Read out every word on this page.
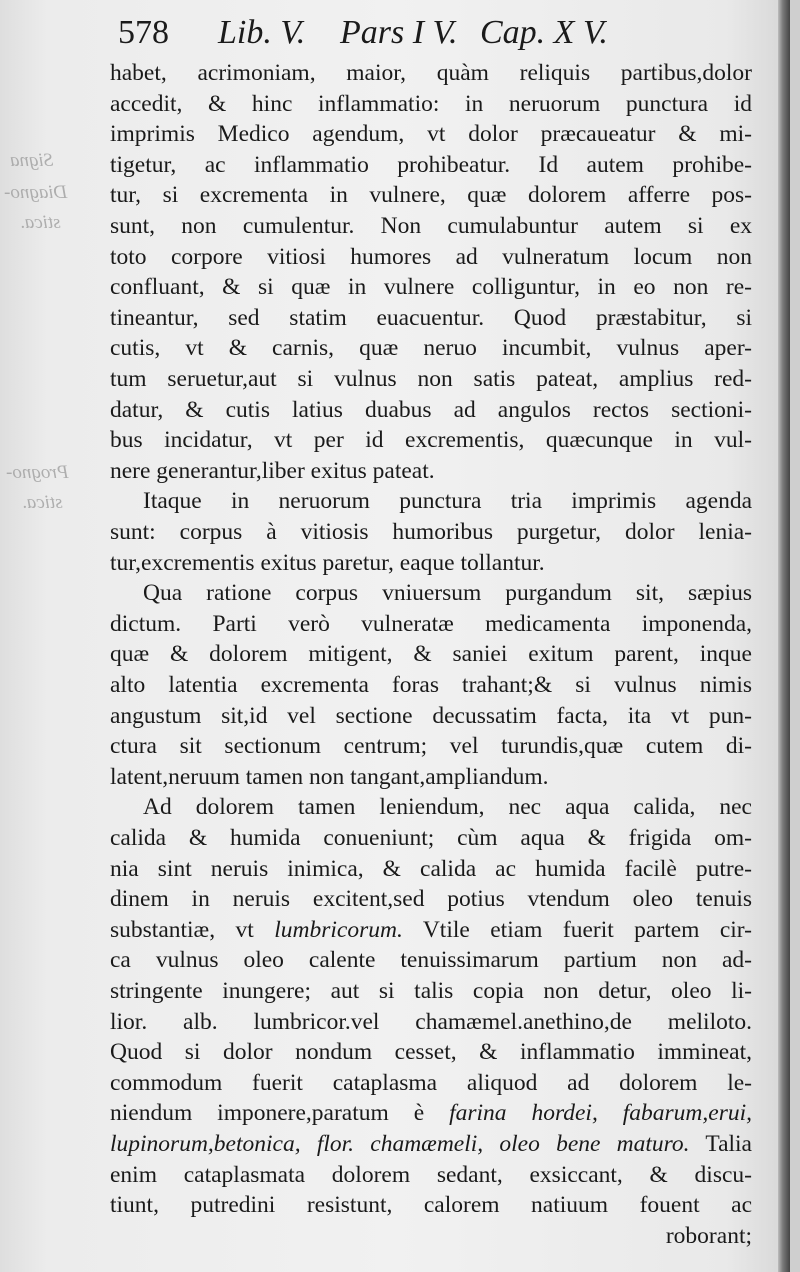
578 Lib. V. Pars I V. Cap. X V.
Signa
Diagno-
stica.
Progno-
stica.
habet, acrimoniam, maior, quàm reliquis partibus,dolor
accedit, & hinc inflammatio: in neruorum punctura id
imprimis Medico agendum, vt dolor præcaueatur & mi-
tigetur, ac inflammatio prohibeatur. Id autem prohibe-
tur, si excrementa in vulnere, quæ dolorem afferre pos-
sunt, non cumulentur. Non cumulabuntur autem si ex
toto corpore vitiosi humores ad vulneratum locum non
confluant, & si quæ in vulnere colliguntur, in eo non re-
tineantur, sed statim euacuentur. Quod præstabitur, si
cutis, vt & carnis, quæ neruo incumbit, vulnus aper-
tum seruetur,aut si vulnus non satis pateat, amplius red-
datur, & cutis latius duabus ad angulos rectos sectioni-
bus incidatur, vt per id excrementis, quæcunque in vul-
nere generantur,liber exitus pateat.
Itaque in neruorum punctura tria imprimis agenda
sunt: corpus à vitiosis humoribus purgetur, dolor lenia-
tur,excrementis exitus paretur, eaque tollantur.
Qua ratione corpus vniuersum purgandum sit, sæpius
dictum. Parti verò vulneratæ medicamenta imponenda,
quæ & dolorem mitigent, & saniei exitum parent, inque
alto latentia excrementa foras trahant;& si vulnus nimis
angustum sit,id vel sectione decussatim facta, ita vt pun-
ctura sit sectionum centrum; vel turundis,quæ cutem di-
latent,neruum tamen non tangant,ampliandum.
Ad dolorem tamen leniendum, nec aqua calida, nec
calida & humida conueniunt; cùm aqua & frigida om-
nia sint neruis inimica, & calida ac humida facilè putre-
dinem in neruis excitent,sed potius vtendum oleo tenuis
substantiæ, vt lumbricorum. Vtile etiam fuerit partem cir-
ca vulnus oleo calente tenuissimarum partium non ad-
stringente inungere; aut si talis copia non detur, oleo li-
lior. alb. lumbricor.vel chamæmel.anethino,de meliloto.
Quod si dolor nondum cesset, & inflammatio immineat,
commodum fuerit cataplasma aliquod ad dolorem le-
niendum imponere,paratum è farina hordei, fabarum,erui,
lupinorum,betonica, flor. chamæmeli, oleo bene maturo. Talia
enim cataplasmata dolorem sedant, exsiccant, & discu-
tiunt, putredini resistunt, calorem natiuum fouent ac
roborant;
